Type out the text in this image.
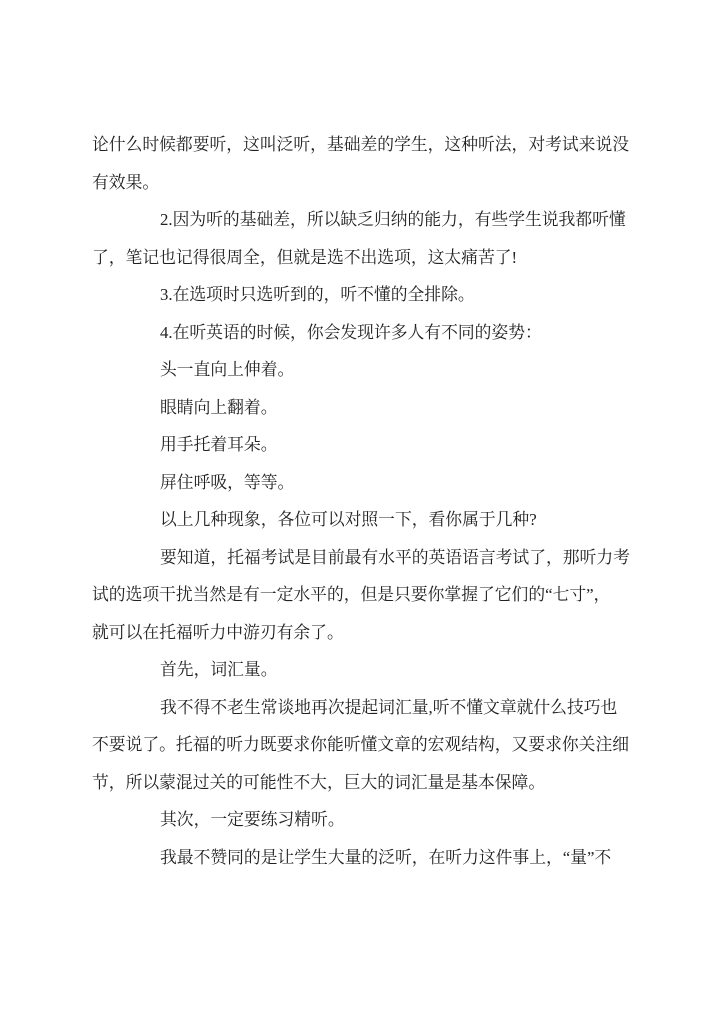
论什么时候都要听，这叫泛听，基础差的学生，这种听法，对考试来说没
有效果。
2.因为听的基础差，所以缺乏归纳的能力，有些学生说我都听懂
了，笔记也记得很周全，但就是选不出选项，这太痛苦了!
3.在选项时只选听到的，听不懂的全排除。
4.在听英语的时候，你会发现许多人有不同的姿势：
头一直向上伸着。
眼睛向上翻着。
用手托着耳朵。
屏住呼吸，等等。
以上几种现象，各位可以对照一下，看你属于几种?
要知道，托福考试是目前最有水平的英语语言考试了，那听力考
试的选项干扰当然是有一定水平的，但是只要你掌握了它们的“七寸”，
就可以在托福听力中游刃有余了。
首先，词汇量。
我不得不老生常谈地再次提起词汇量,听不懂文章就什么技巧也
不要说了。托福的听力既要求你能听懂文章的宏观结构，又要求你关注细
节，所以蒙混过关的可能性不大，巨大的词汇量是基本保障。
其次，一定要练习精听。
我最不赞同的是让学生大量的泛听，在听力这件事上，“量”不
